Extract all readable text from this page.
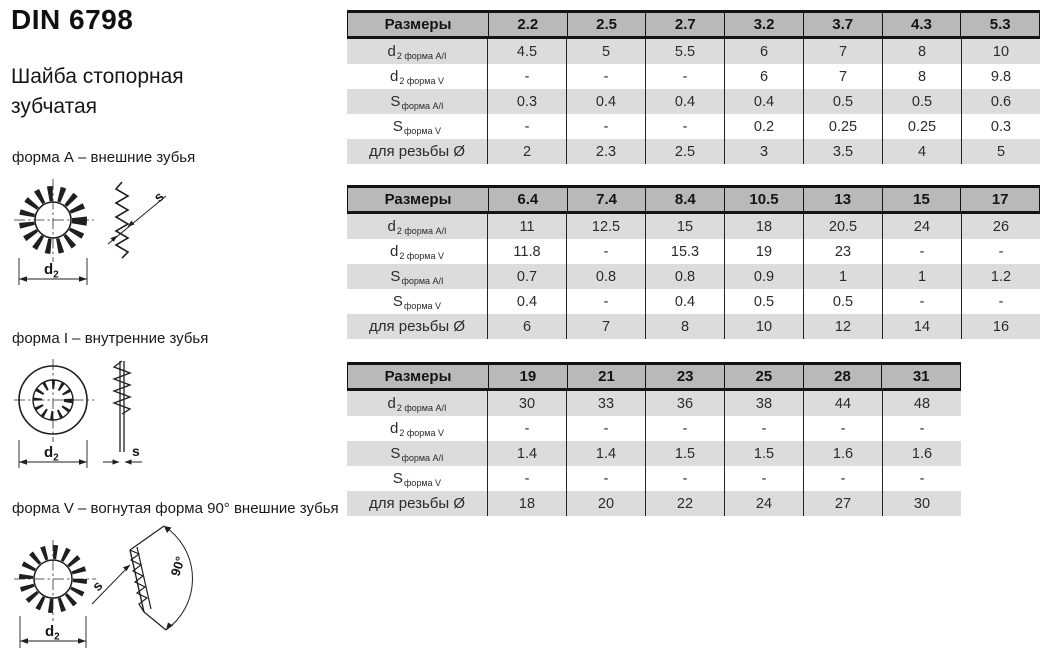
DIN 6798
Шайба стопорная зубчатая
форма А – внешние зубья
форма I – внутренние зубья
форма V – вогнутая форма 90° внешние зубья
s
$d_2$
$d_2$	s
90°
s
$d_2$
Размеры	2.2	2.5	2.7	3.2	3.7	4.3	5.3
d 2 форма А/I	4.5	5	5.5	6	7	8	10
d 2 форма V	-	-	-	6	7	8	9.8
S форма А/I	0.3	0.4	0.4	0.4	0.5	0.5	0.6
S форма V	-	-	-	0.2	0.25	0.25	0.3
для резьбы Ø	2	2.3	2.5	3	3.5	4	5
Размеры	6.4	7.4	8.4	10.5	13	15	17
d 2 форма А/I	11	12.5	15	18	20.5	24	26
d 2 форма V	11.8	-	15.3	19	23	-	-
S форма А/I	0.7	0.8	0.8	0.9	1	1	1.2
S форма V	0.4	-	0.4	0.5	0.5	-	-
для резьбы Ø	6	7	8	10	12	14	16
Размеры	19	21	23	25	28	31
d 2 форма А/I	30	33	36	38	44	48
d 2 форма V	-	-	-	-	-	-
S форма А/I	1.4	1.4	1.5	1.5	1.6	1.6
S форма V	-	-	-	-	-	-
для резьбы Ø	18	20	22	24	27	30
